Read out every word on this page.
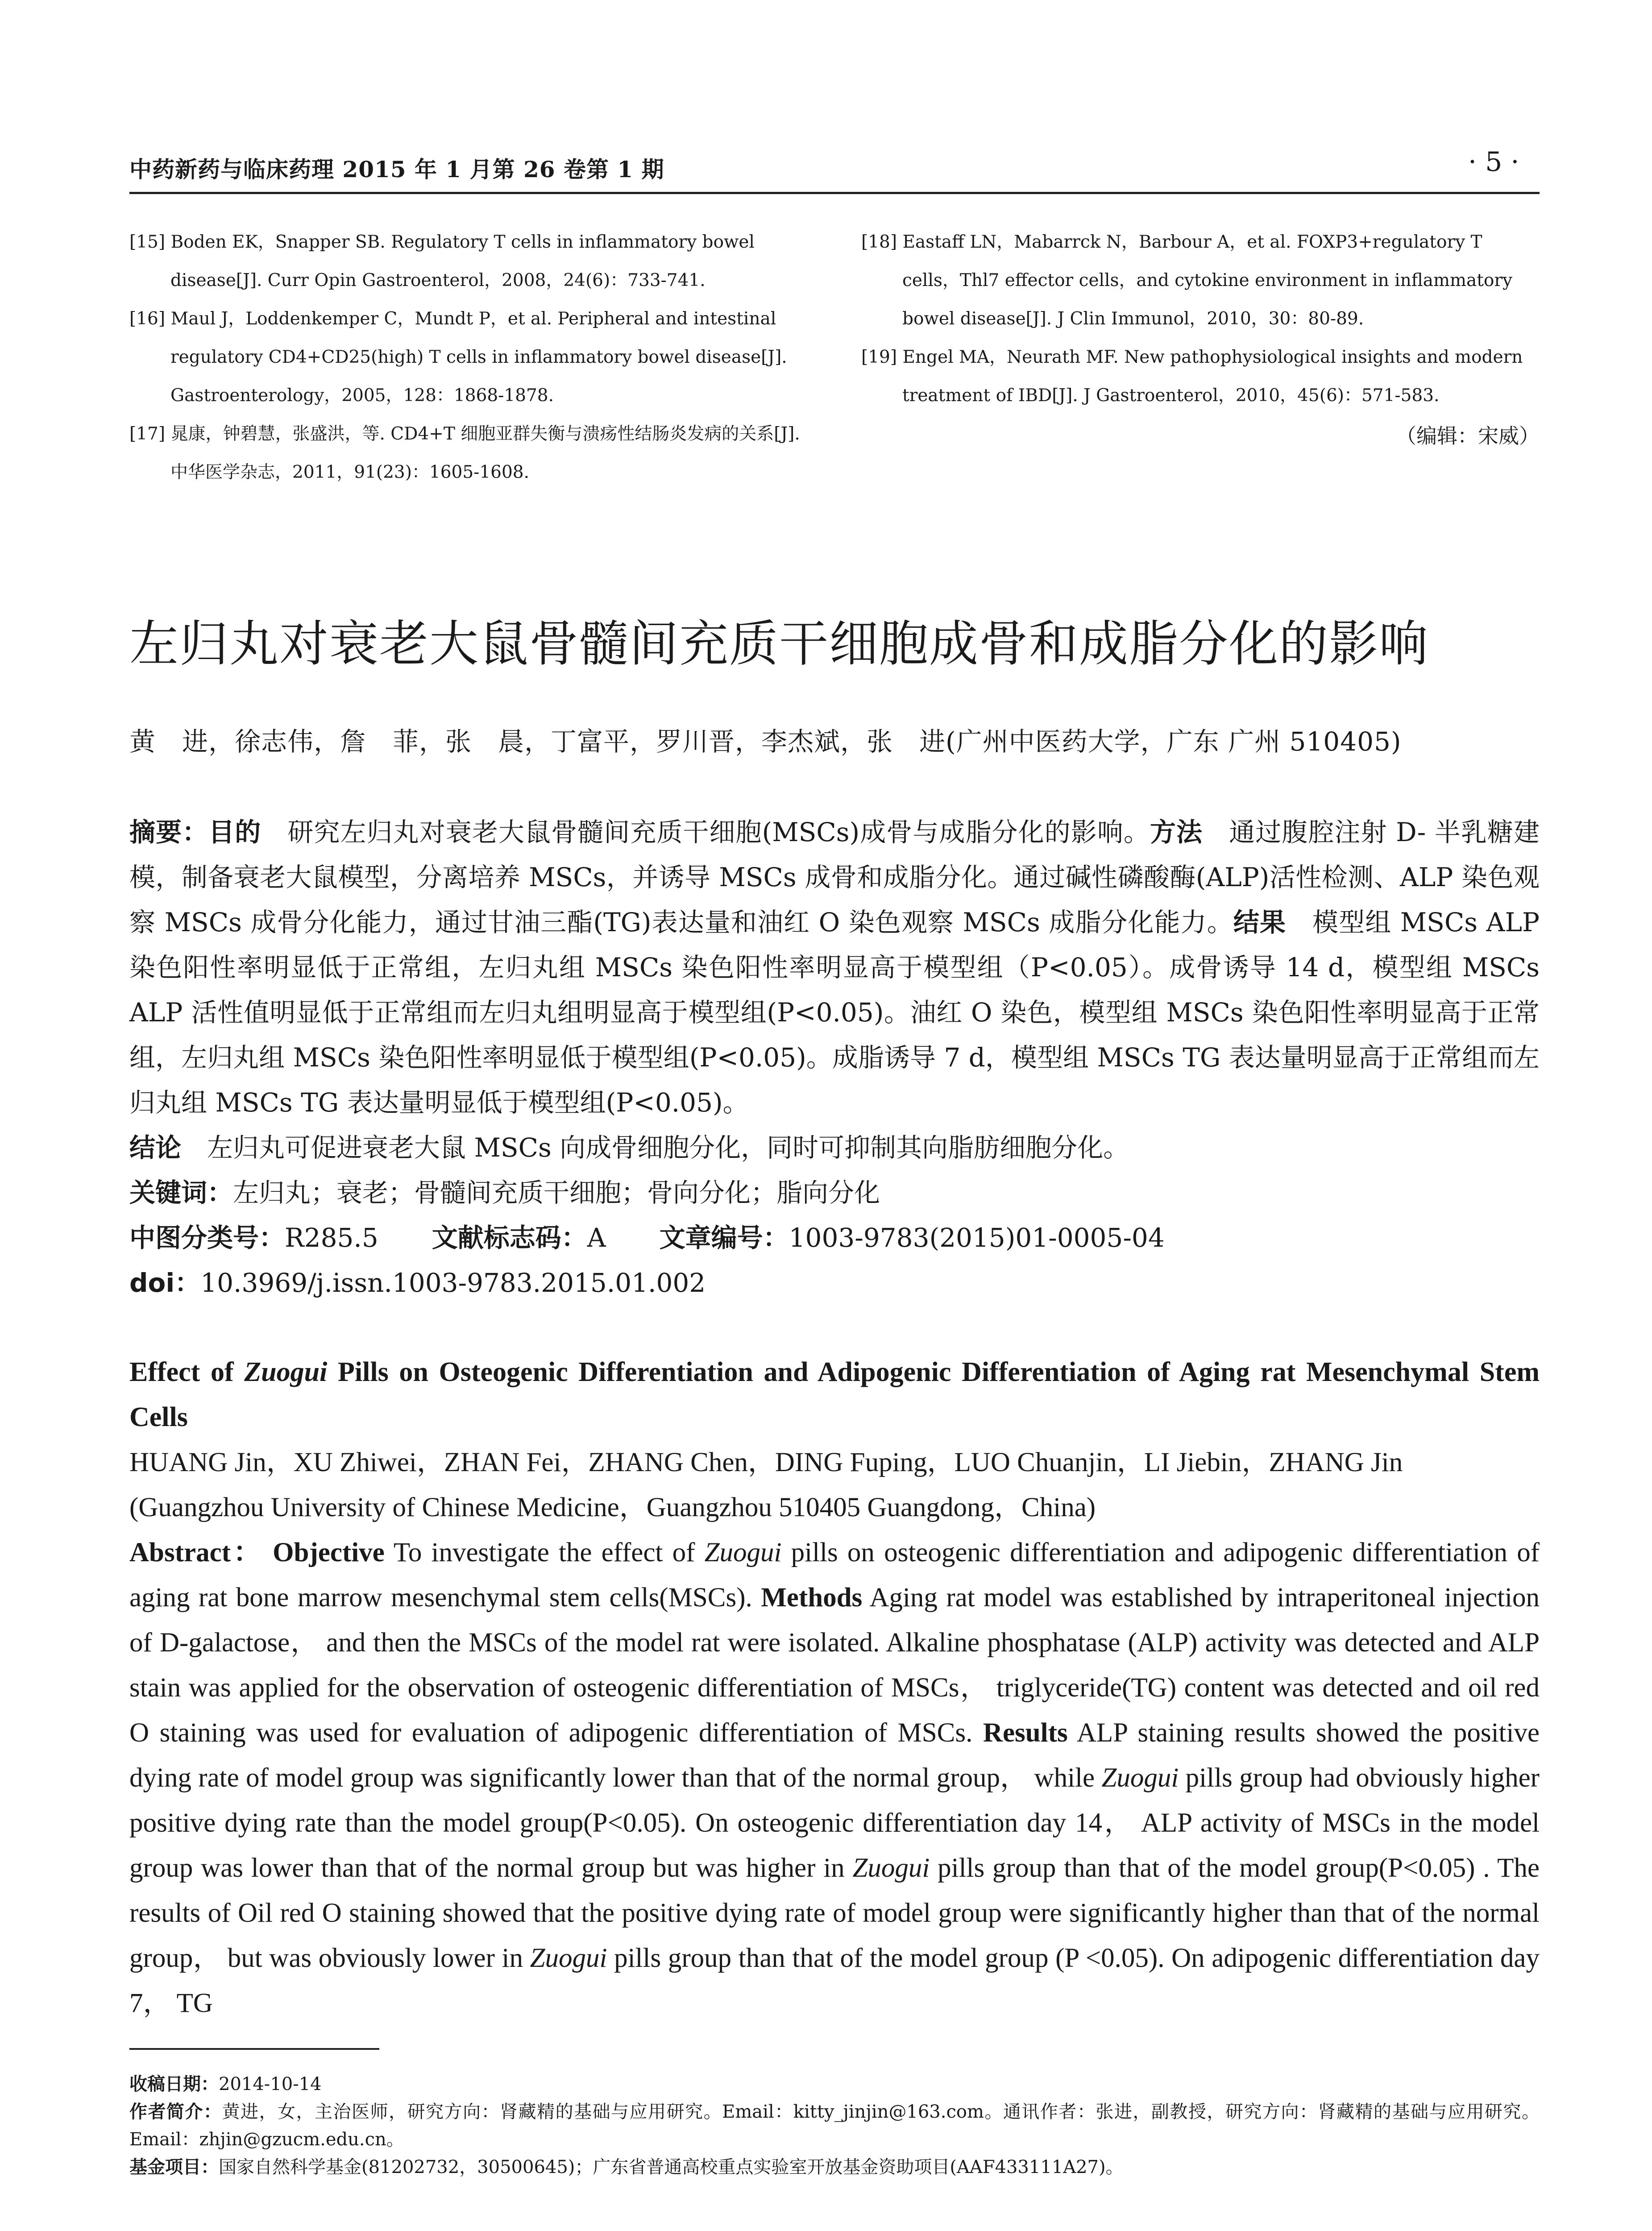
中药新药与临床药理 2015 年 1 月第 26 卷第 1 期	· 5 ·

[15] Boden EK，Snapper SB. Regulatory T cells in inflammatory bowel disease[J]. Curr Opin Gastroenterol，2008，24(6)：733-741.

[16] Maul J，Loddenkemper C，Mundt P，et al. Peripheral and intestinal regulatory CD4+CD25(high) T cells in inflammatory bowel disease[J]. Gastroenterology，2005，128：1868-1878.

[17] 晁康，钟碧慧，张盛洪，等. CD4+T 细胞亚群失衡与溃疡性结肠炎发病的关系[J]. 中华医学杂志，2011，91(23)：1605-1608.

[18] Eastaff LN，Mabarrck N，Barbour A，et al. FOXP3+regulatory T cells，Thl7 effector cells，and cytokine environment in inflammatory bowel disease[J]. J Clin Immunol，2010，30：80-89.

[19] Engel MA，Neurath MF. New pathophysiological insights and modern treatment of IBD[J]. J Gastroenterol，2010，45(6)：571-583.

（编辑：宋威）
左归丸对衰老大鼠骨髓间充质干细胞成骨和成脂分化的影响
黄　进，徐志伟，詹　菲，张　晨，丁富平，罗川晋，李杰斌，张　进(广州中医药大学，广东 广州 510405)

摘要：目的　研究左归丸对衰老大鼠骨髓间充质干细胞(MSCs)成骨与成脂分化的影响。方法　通过腹腔注射 D- 半乳糖建模，制备衰老大鼠模型，分离培养 MSCs，并诱导 MSCs 成骨和成脂分化。通过碱性磷酸酶(ALP)活性检测、ALP 染色观察 MSCs 成骨分化能力，通过甘油三酯(TG)表达量和油红 O 染色观察 MSCs 成脂分化能力。结果　模型组 MSCs ALP 染色阳性率明显低于正常组，左归丸组 MSCs 染色阳性率明显高于模型组（P<0.05）。成骨诱导 14 d，模型组 MSCs ALP 活性值明显低于正常组而左归丸组明显高于模型组(P<0.05)。油红 O 染色，模型组 MSCs 染色阳性率明显高于正常组，左归丸组 MSCs 染色阳性率明显低于模型组(P<0.05)。成脂诱导 7 d，模型组 MSCs TG 表达量明显高于正常组而左归丸组 MSCs TG 表达量明显低于模型组(P<0.05)。

结论　左归丸可促进衰老大鼠 MSCs 向成骨细胞分化，同时可抑制其向脂肪细胞分化。

关键词：左归丸；衰老；骨髓间充质干细胞；骨向分化；脂向分化

中图分类号：R285.5 文献标志码：A 文章编号：1003-9783(2015)01-0005-04

doi：10.3969/j.issn.1003-9783.2015.01.002

Effect of Zuogui Pills on Osteogenic Differentiation and Adipogenic Differentiation of Aging rat Mesenchymal Stem Cells

HUANG Jin，XU Zhiwei，ZHAN Fei，ZHANG Chen，DING Fuping，LUO Chuanjin，LI Jiebin，ZHANG Jin

(Guangzhou University of Chinese Medicine，Guangzhou 510405 Guangdong，China)

Abstract： Objective To investigate the effect of Zuogui pills on osteogenic differentiation and adipogenic differentiation of aging rat bone marrow mesenchymal stem cells(MSCs). Methods Aging rat model was established by intraperitoneal injection of D-galactose， and then the MSCs of the model rat were isolated. Alkaline phosphatase (ALP) activity was detected and ALP stain was applied for the observation of osteogenic differentiation of MSCs， triglyceride(TG) content was detected and oil red O staining was used for evaluation of adipogenic differentiation of MSCs. Results ALP staining results showed the positive dying rate of model group was significantly lower than that of the normal group， while Zuogui pills group had obviously higher positive dying rate than the model group(P<0.05). On osteogenic differentiation day 14， ALP activity of MSCs in the model group was lower than that of the normal group but was higher in Zuogui pills group than that of the model group(P<0.05) . The results of Oil red O staining showed that the positive dying rate of model group were significantly higher than that of the normal group， but was obviously lower in Zuogui pills group than that of the model group (P <0.05). On adipogenic differentiation day 7， TG

收稿日期：2014-10-14

作者简介：黄进，女，主治医师，研究方向：肾藏精的基础与应用研究。Email：kitty_jinjin@163.com。通讯作者：张进，副教授，研究方向：肾藏精的基础与应用研究。Email：zhjin@gzucm.edu.cn。

基金项目：国家自然科学基金(81202732，30500645)；广东省普通高校重点实验室开放基金资助项目(AAF433111A27)。
